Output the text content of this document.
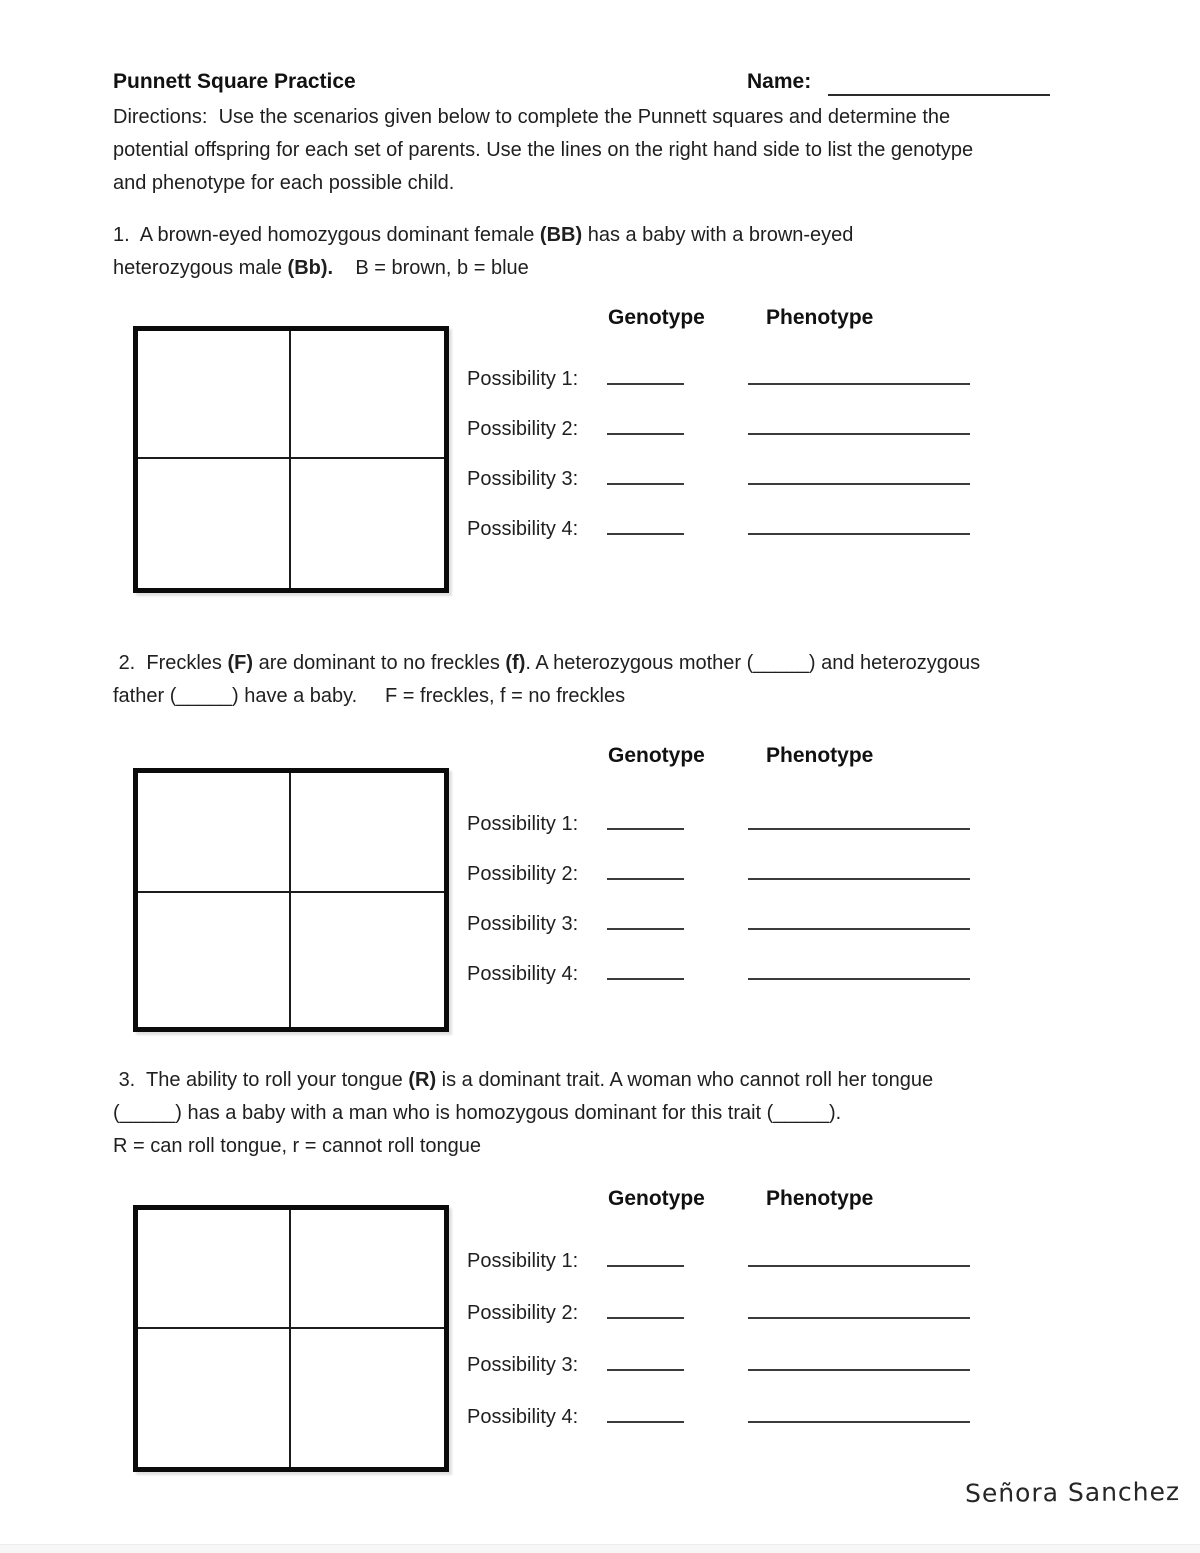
Punnett Square Practice	Name:
Directions:  Use the scenarios given below to complete the Punnett squares and determine the
potential offspring for each set of parents. Use the lines on the right hand side to list the genotype
and phenotype for each possible child.
1.  A brown-eyed homozygous dominant female (BB) has a baby with a brown-eyed
heterozygous male (Bb).    B = brown, b = blue
Genotype	Phenotype
Possibility 1:
Possibility 2:
Possibility 3:
Possibility 4:
2.  Freckles (F) are dominant to no freckles (f). A heterozygous mother (_____) and heterozygous
father (_____) have a baby.     F = freckles, f = no freckles
Genotype	Phenotype
Possibility 1:
Possibility 2:
Possibility 3:
Possibility 4:
3.  The ability to roll your tongue (R) is a dominant trait. A woman who cannot roll her tongue
(_____) has a baby with a man who is homozygous dominant for this trait (_____).
R = can roll tongue, r = cannot roll tongue
Genotype	Phenotype
Possibility 1:
Possibility 2:
Possibility 3:
Possibility 4:
Señora Sanchez
